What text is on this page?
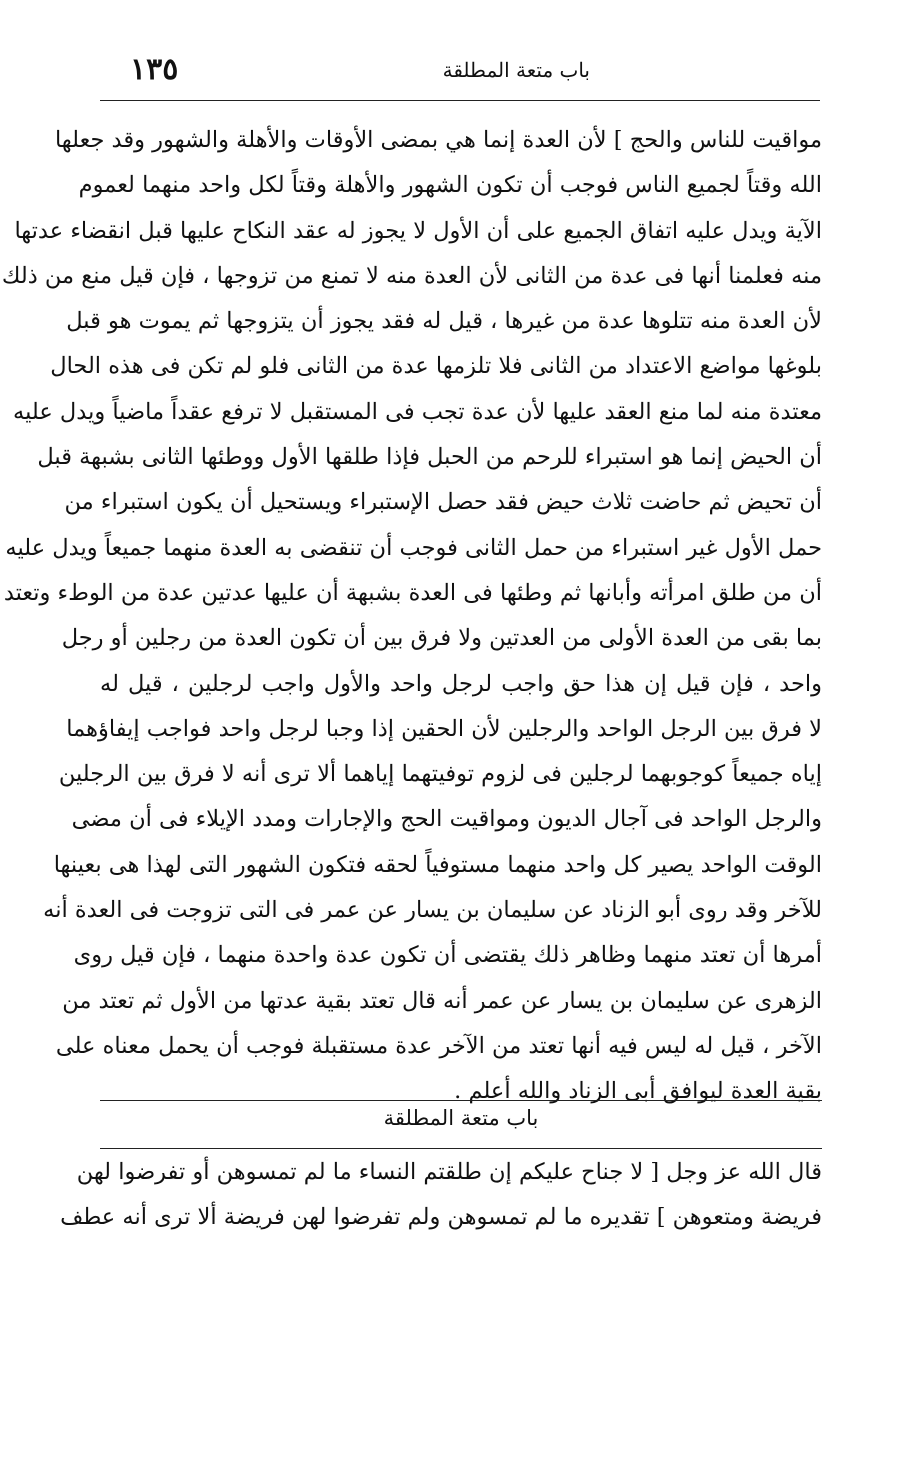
١٣٥	باب متعة المطلقة
مواقيت للناس والحج ] لأن العدة إنما هي بمضى الأوقات والأهلة والشهور وقد جعلها
الله وقتاً لجميع الناس فوجب أن تكون الشهور والأهلة وقتاً لكل واحد منهما لعموم
الآية ويدل عليه اتفاق الجميع على أن الأول لا يجوز له عقد النكاح عليها قبل انقضاء عدتها
منه فعلمنا أنها فى عدة من الثانى لأن العدة منه لا تمنع من تزوجها ، فإن قيل منع من ذلك
لأن العدة منه تتلوها عدة من غيرها ، قيل له فقد يجوز أن يتزوجها ثم يموت هو قبل
بلوغها مواضع الاعتداد من الثانى فلا تلزمها عدة من الثانى فلو لم تكن فى هذه الحال
معتدة منه لما منع العقد عليها لأن عدة تجب فى المستقبل لا ترفع عقداً ماضياً ويدل عليه
أن الحيض إنما هو استبراء للرحم من الحبل فإذا طلقها الأول ووطئها الثانى بشبهة قبل
أن تحيض ثم حاضت ثلاث حيض فقد حصل الإستبراء ويستحيل أن يكون استبراء من
حمل الأول غير استبراء من حمل الثانى فوجب أن تنقضى به العدة منهما جميعاً ويدل عليه
أن من طلق امرأته وأبانها ثم وطئها فى العدة بشبهة أن عليها عدتين عدة من الوطء وتعتد
بما بقى من العدة الأولى من العدتين ولا فرق بين أن تكون العدة من رجلين أو رجل
واحد ، فإن قيل إن هذا حق واجب لرجل واحد والأول واجب لرجلين ، قيل له
لا فرق بين الرجل الواحد والرجلين لأن الحقين إذا وجبا لرجل واحد فواجب إيفاؤهما
إياه جميعاً كوجوبهما لرجلين فى لزوم توفيتهما إياهما ألا ترى أنه لا فرق بين الرجلين
والرجل الواحد فى آجال الديون ومواقيت الحج والإجارات ومدد الإيلاء فى أن مضى
الوقت الواحد يصير كل واحد منهما مستوفياً لحقه فتكون الشهور التى لهذا هى بعينها
للآخر وقد روى أبو الزناد عن سليمان بن يسار عن عمر فى التى تزوجت فى العدة أنه
أمرها أن تعتد منهما وظاهر ذلك يقتضى أن تكون عدة واحدة منهما ، فإن قيل روى
الزهرى عن سليمان بن يسار عن عمر أنه قال تعتد بقية عدتها من الأول ثم تعتد من
الآخر ، قيل له ليس فيه أنها تعتد من الآخر عدة مستقبلة فوجب أن يحمل معناه على
بقية العدة ليوافق أبى الزناد والله أعلم .
باب متعة المطلقة
قال الله عز وجل [ لا جناح عليكم إن طلقتم النساء ما لم تمسوهن أو تفرضوا لهن
فريضة ومتعوهن ] تقديره ما لم تمسوهن ولم تفرضوا لهن فريضة ألا ترى أنه عطف
